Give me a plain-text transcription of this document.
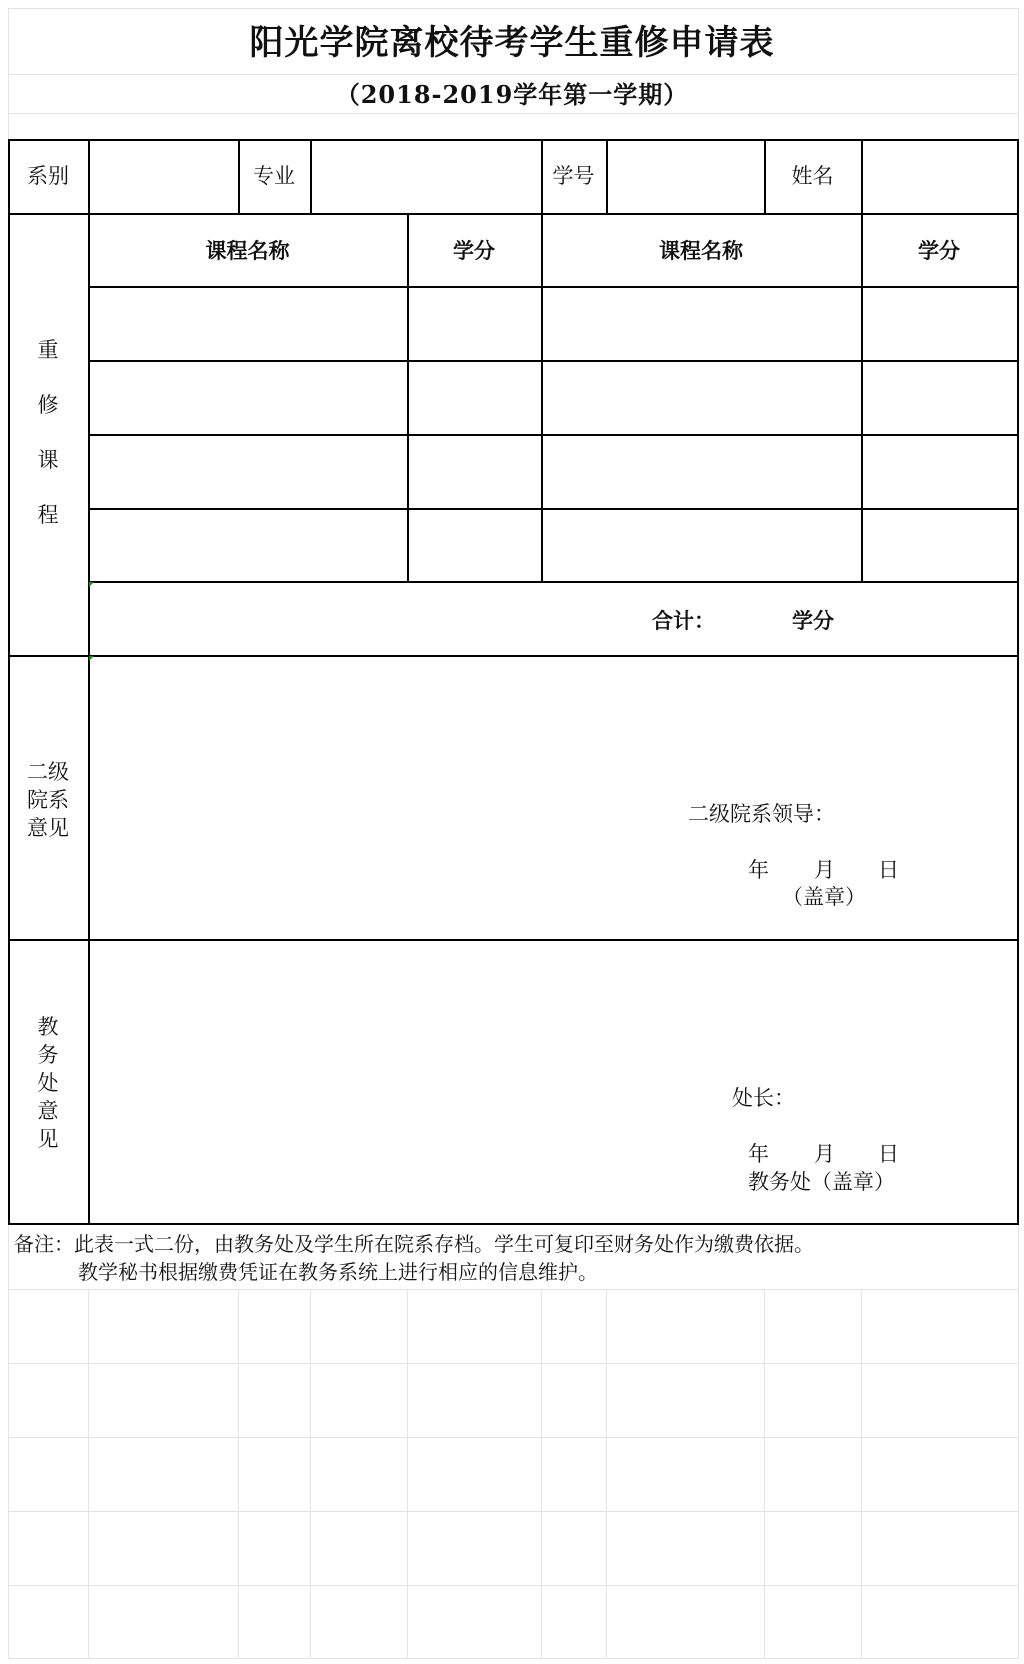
阳光学院离校待考学生重修申请表
（2018-2019学年第一学期）
系别	专业	学号	姓名
重
修
课
程
课程名称	学分	课程名称	学分
合计：	学分
二级
院系
意见
二级院系领导：
年 月 日
（盖章）
教
务
处
意
见
处长：
年 月 日
教务处（盖章）
备注：此表一式二份，由教务处及学生所在院系存档。学生可复印至财务处作为缴费依据。
教学秘书根据缴费凭证在教务系统上进行相应的信息维护。
